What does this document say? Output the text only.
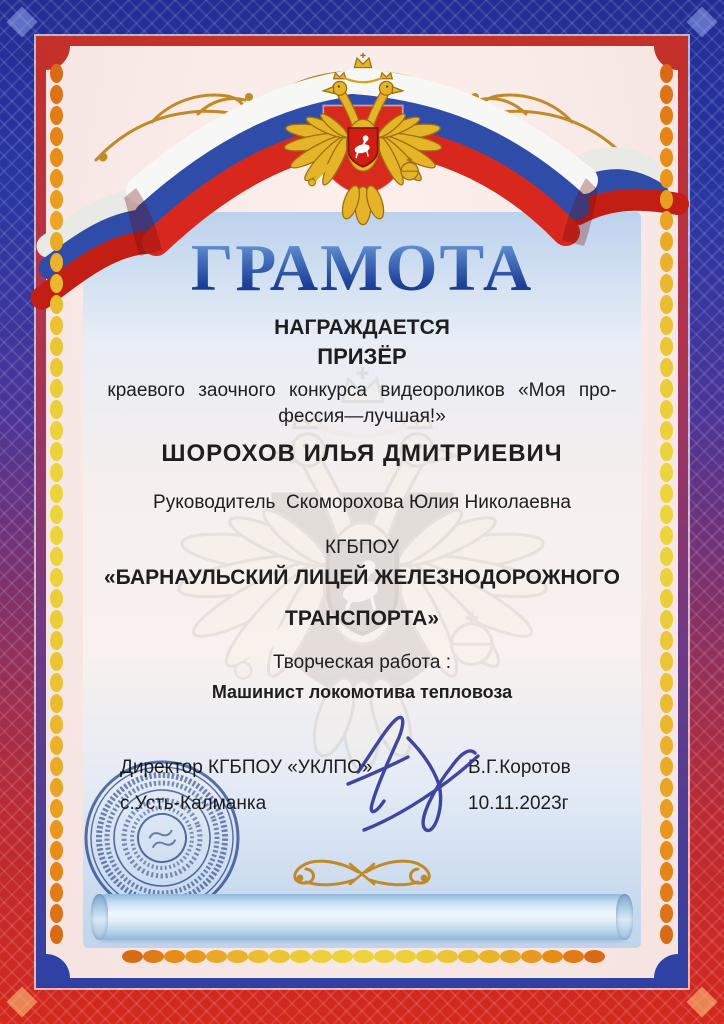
ГРАМОТА
НАГРАЖДАЕТСЯ
ПРИЗЁР
краевого заочного конкурса видеороликов «Моя про-
фессия—лучшая!»
ШОРОХОВ ИЛЬЯ ДМИТРИЕВИЧ
Руководитель  Скоморохова Юлия Николаевна
КГБПОУ
«БАРНАУЛЬСКИЙ ЛИЦЕЙ ЖЕЛЕЗНОДОРОЖНОГО
ТРАНСПОРТА»
Творческая работа :
Машинист локомотива тепловоза
Директор КГБПОУ «УКЛПО»	В.Г.Коротов
с.Усть-Калманка	10.11.2023г
